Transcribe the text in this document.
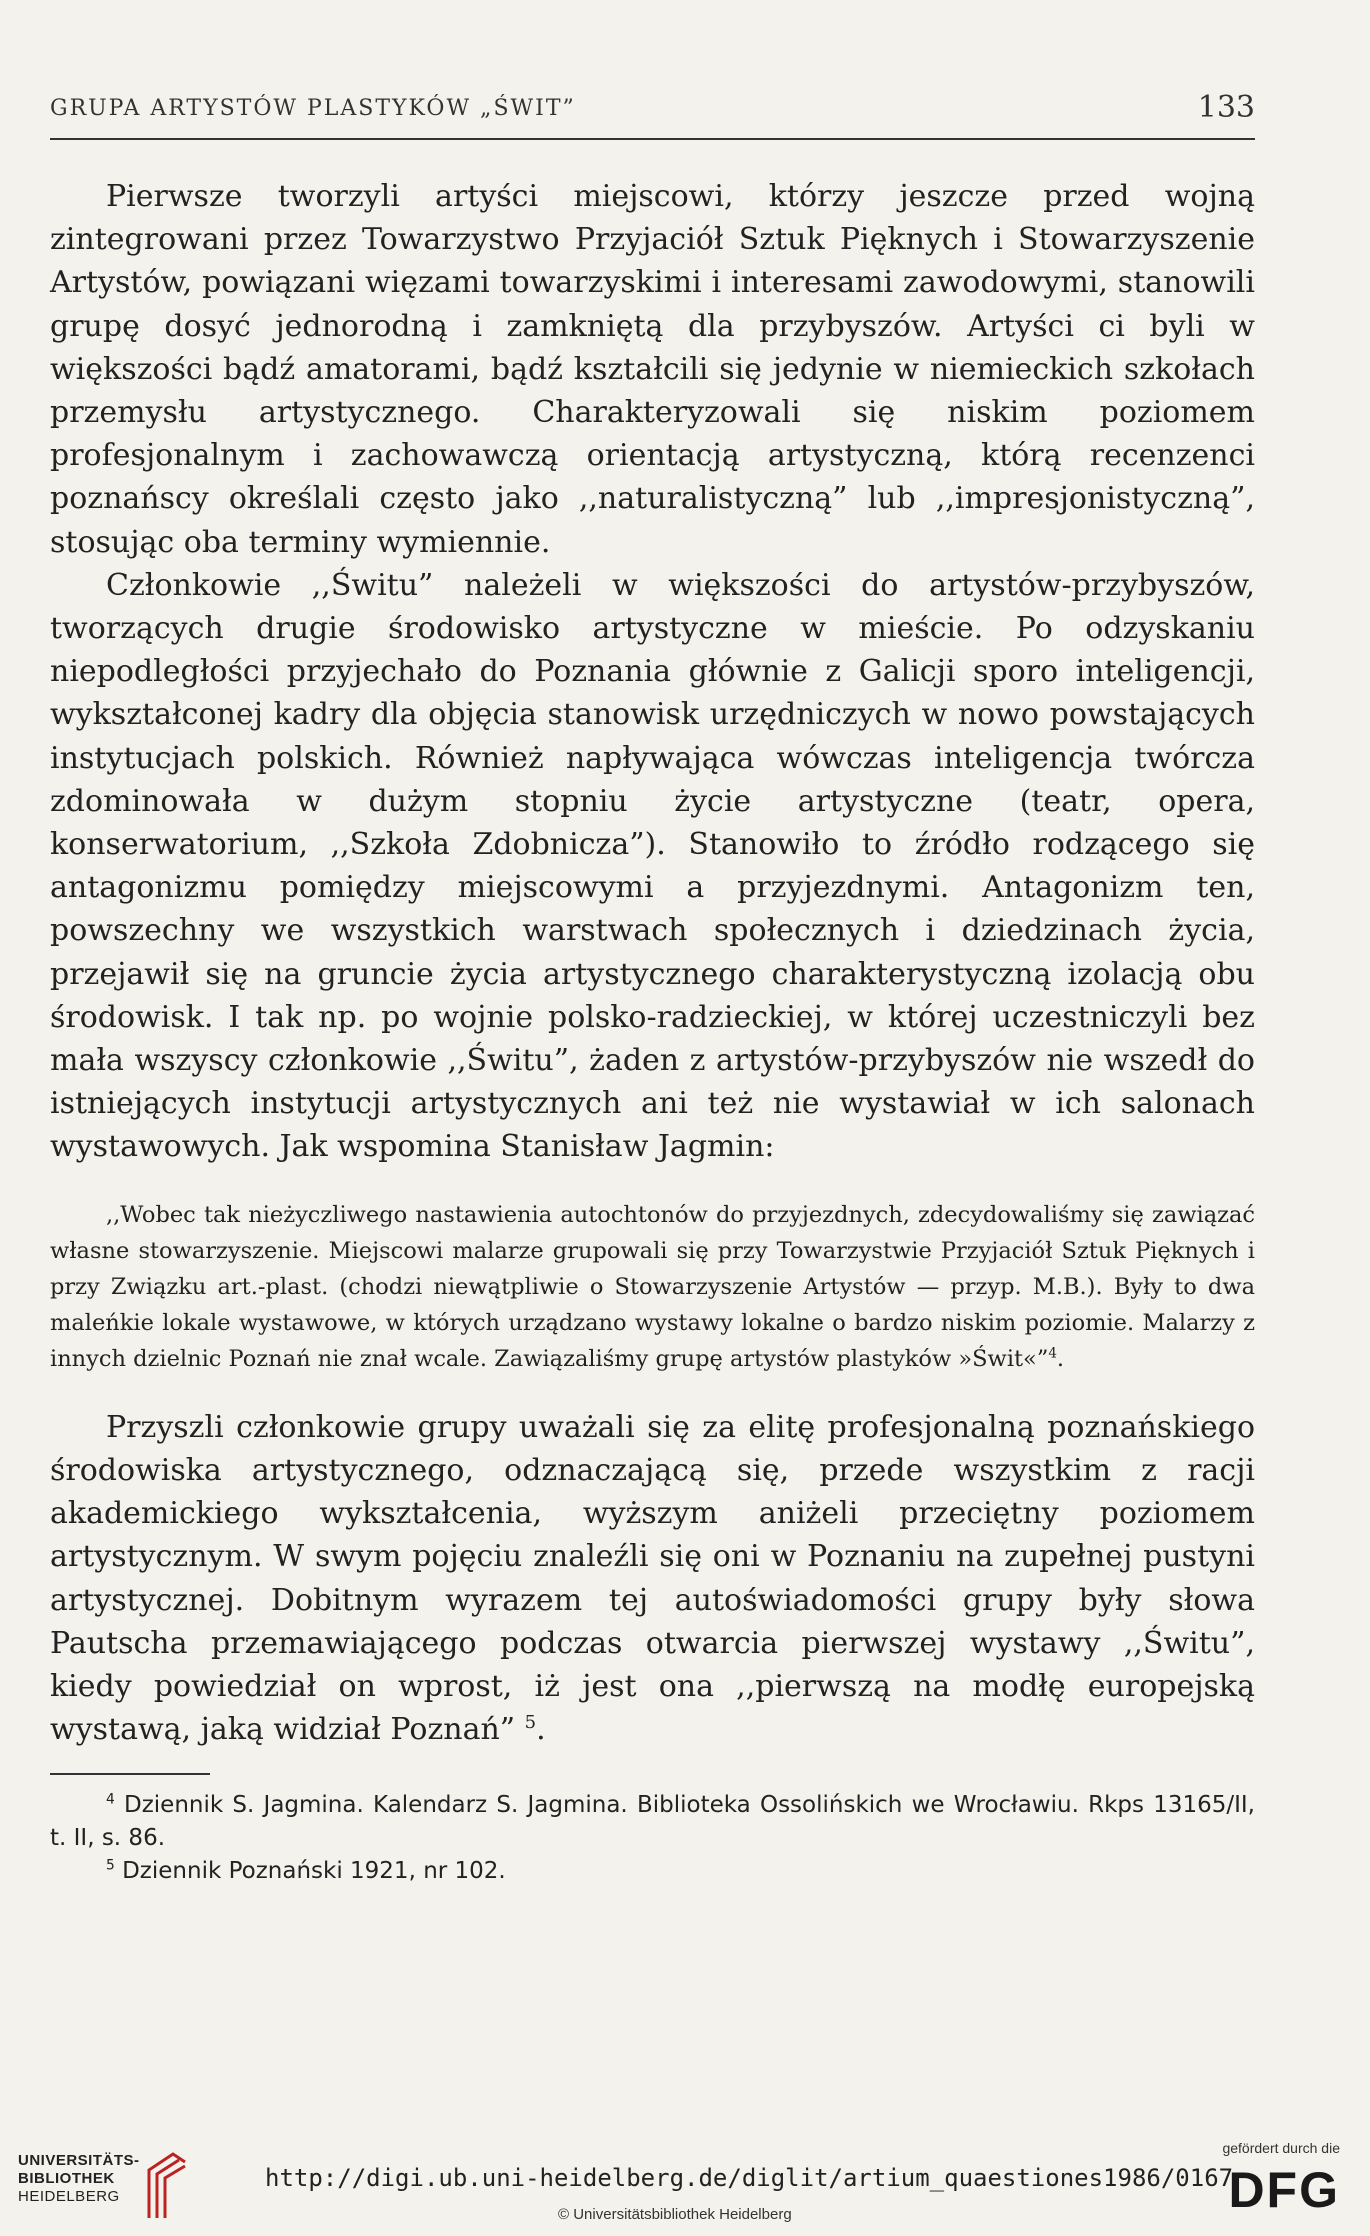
GRUPA ARTYSTÓW PLASTYKÓW „ŚWIT”	133

Pierwsze tworzyli artyści miejscowi, którzy jeszcze przed wojną zintegrowani przez Towarzystwo Przyjaciół Sztuk Pięknych i Stowarzyszenie Artystów, powiązani więzami towarzyskimi i interesami zawodowymi, stanowili grupę dosyć jednorodną i zamkniętą dla przybyszów. Artyści ci byli w większości bądź amatorami, bądź kształcili się jedynie w niemieckich szkołach przemysłu artystycznego. Charakteryzowali się niskim poziomem profesjonalnym i zachowawczą orientacją artystyczną, którą recenzenci poznańscy określali często jako ,,naturalistyczną” lub ,,impresjonistyczną”, stosując oba terminy wymiennie.

Członkowie ,,Świtu” należeli w większości do artystów-przybyszów, tworzących drugie środowisko artystyczne w mieście. Po odzyskaniu niepodległości przyjechało do Poznania głównie z Galicji sporo inteligencji, wykształconej kadry dla objęcia stanowisk urzędniczych w nowo powstających instytucjach polskich. Również napływająca wówczas inteligencja twórcza zdominowała w dużym stopniu życie artystyczne (teatr, opera, konserwatorium, ,,Szkoła Zdobnicza”). Stanowiło to źródło rodzącego się antagonizmu pomiędzy miejscowymi a przyjezdnymi. Antagonizm ten, powszechny we wszystkich warstwach społecznych i dziedzinach życia, przejawił się na gruncie życia artystycznego charakterystyczną izolacją obu środowisk. I tak np. po wojnie polsko-radzieckiej, w której uczestniczyli bez mała wszyscy członkowie ,,Świtu”, żaden z artystów-przybyszów nie wszedł do istniejących instytucji artystycznych ani też nie wystawiał w ich salonach wystawowych. Jak wspomina Stanisław Jagmin:

,,Wobec tak nieżyczliwego nastawienia autochtonów do przyjezdnych, zdecydowaliśmy się zawiązać własne stowarzyszenie. Miejscowi malarze grupowali się przy Towarzystwie Przyjaciół Sztuk Pięknych i przy Związku art.-plast. (chodzi niewątpliwie o Stowarzyszenie Artystów — przyp. M.B.). Były to dwa maleńkie lokale wystawowe, w których urządzano wystawy lokalne o bardzo niskim poziomie. Malarzy z innych dzielnic Poznań nie znał wcale. Zawiązaliśmy grupę artystów plastyków »Świt«”$^4$.

Przyszli członkowie grupy uważali się za elitę profesjonalną poznańskiego środowiska artystycznego, odznaczającą się, przede wszystkim z racji akademickiego wykształcenia, wyższym aniżeli przeciętny poziomem artystycznym. W swym pojęciu znaleźli się oni w Poznaniu na zupełnej pustyni artystycznej. Dobitnym wyrazem tej autoświadomości grupy były słowa Pautscha przemawiającego podczas otwarcia pierwszej wystawy ,,Świtu”, kiedy powiedział on wprost, iż jest ona ,,pierwszą na modłę europejską wystawą, jaką widział Poznań” $^5$.

$^4$ Dziennik S. Jagmina. Kalendarz S. Jagmina. Biblioteka Ossolińskich we Wrocławiu. Rkps 13165/II, t. II, s. 86.

$^5$ Dziennik Poznański 1921, nr 102.

UNIVERSITÄTS-
BIBLIOTHEK
HEIDELBERG
http://digi.ub.uni-heidelberg.de/diglit/artium_quaestiones1986/0167
© Universitätsbibliothek Heidelberg
gefördert durch die
DFG
